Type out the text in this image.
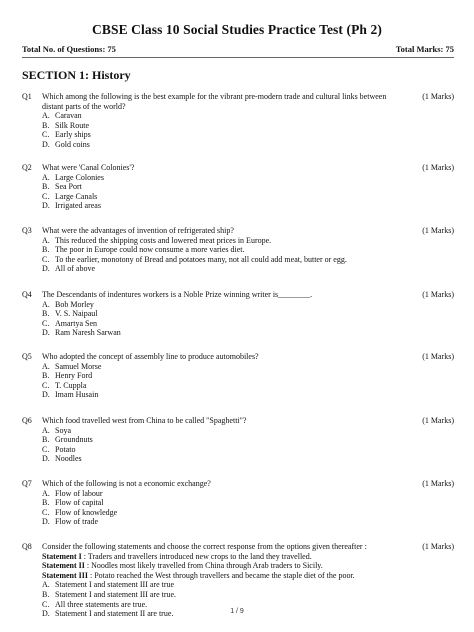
CBSE Class 10 Social Studies Practice Test (Ph 2)
Total No. of Questions: 75	Total Marks: 75
SECTION 1: History
Q1	(1 Marks)
Which among the following is the best example for the vibrant pre-modern trade and cultural links between distant parts of the world?
A. Caravan
B. Silk Route
C. Early ships
D. Gold coins
Q2	(1 Marks)
What were 'Canal Colonies'?
A. Large Colonies
B. Sea Port
C. Large Canals
D. Irrigated areas
Q3	(1 Marks)
What were the advantages of invention of refrigerated ship?
A. This reduced the shipping costs and lowered meat prices in Europe.
B. The poor in Europe could now consume a more varies diet.
C. To the earlier, monotony of Bread and potatoes many, not all could add meat, butter or egg.
D. All of above
Q4	(1 Marks)
The Descendants of indentures workers is a Noble Prize winning writer is________.
A. Bob Morley
B. V. S. Naipaul
C. Amartya Sen
D. Ram Naresh Sarwan
Q5	(1 Marks)
Who adopted the concept of assembly line to produce automobiles?
A. Samuel Morse
B. Henry Ford
C. T. Cuppla
D. Imam Husain
Q6	(1 Marks)
Which food travelled west from China to be called "Spaghetti"?
A. Soya
B. Groundnuts
C. Potato
D. Noodles
Q7	(1 Marks)
Which of the following is not a economic exchange?
A. Flow of labour
B. Flow of capital
C. Flow of knowledge
D. Flow of trade
Q8	(1 Marks)
Consider the following statements and choose the correct response from the options given thereafter :
Statement I : Traders and travellers introduced new crops to the land they travelled.
Statement II : Noodles most likely travelled from China through Arab traders to Sicily.
Statement III : Potato reached the West through travellers and became the staple diet of the poor.
A. Statement I and statement III are true
B. Statement I and statement III are true.
C. All three statements are true.
D. Statement I and statement II are true.	1 / 9
